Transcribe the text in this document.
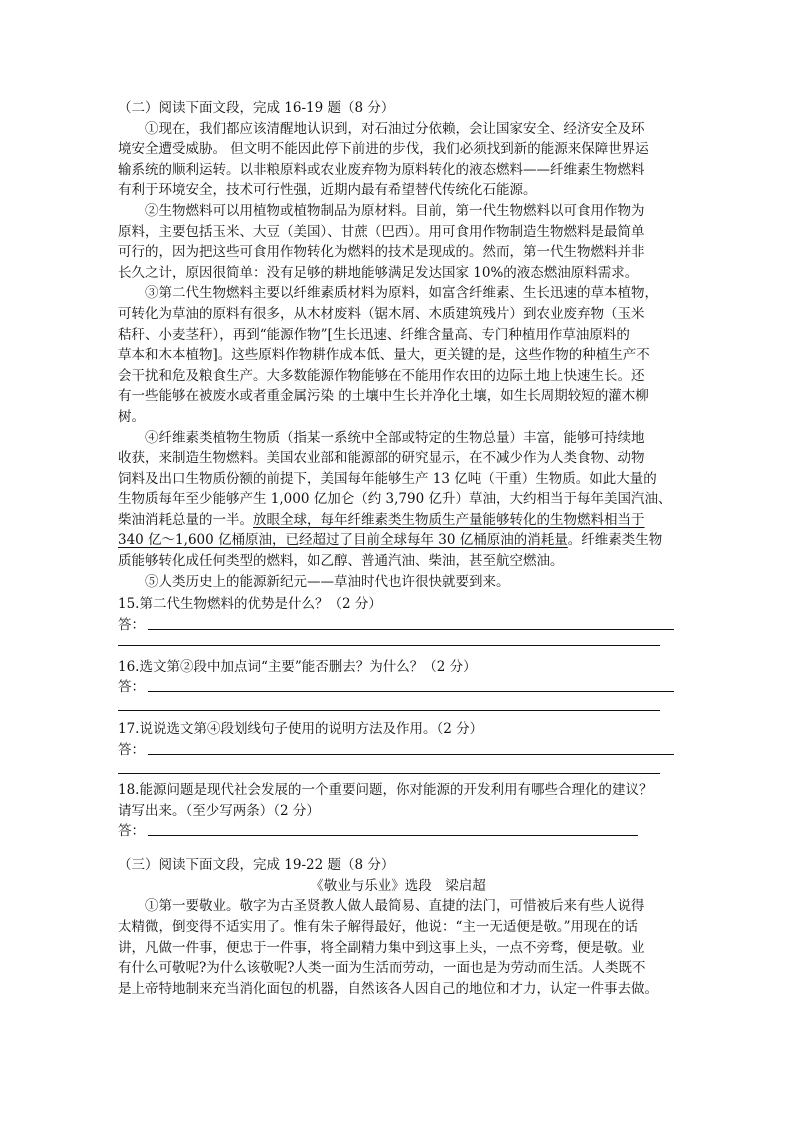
（二）阅读下面文段，完成 16-19 题（8 分）
①现在，我们都应该清醒地认识到，对石油过分依赖，会让国家安全、经济安全及环
境安全遭受威胁。 但文明不能因此停下前进的步伐，我们必须找到新的能源来保障世界运
输系统的顺利运转。以非粮原料或农业废弃物为原料转化的液态燃料——纤维素生物燃料
有利于环境安全，技术可行性强，近期内最有希望替代传统化石能源。
②生物燃料可以用植物或植物制品为原材料。目前，第一代生物燃料以可食用作物为
原料，主要包括玉米、大豆（美国）、甘蔗（巴西）。用可食用作物制造生物燃料是最简单
可行的，因为把这些可食用作物转化为燃料的技术是现成的。然而，第一代生物燃料并非
长久之计，原因很简单：没有足够的耕地能够满足发达国家 10%的液态燃油原料需求。
③第二代生物燃料主要以纤维素质材料为原料，如富含纤维素、生长迅速的草本植物，
可转化为草油的原料有很多，从木材废料（锯木屑、木质建筑残片）到农业废弃物（玉米
秸秆、小麦茎秆），再到“能源作物”[生长迅速、纤维含量高、专门种植用作草油原料的
草本和木本植物]。这些原料作物耕作成本低、量大，更关键的是，这些作物的种植生产不
会干扰和危及粮食生产。大多数能源作物能够在不能用作农田的边际土地上快速生长。还
有一些能够在被废水或者重金属污染 的土壤中生长并净化土壤，如生长周期较短的灌木柳
树。
④纤维素类植物生物质（指某一系统中全部或特定的生物总量）丰富，能够可持续地
收获，来制造生物燃料。美国农业部和能源部的研究显示，在不减少作为人类食物、动物
饲料及出口生物质份额的前提下，美国每年能够生产 13 亿吨（干重）生物质。如此大量的
生物质每年至少能够产生 1,000 亿加仑（约 3,790 亿升）草油，大约相当于每年美国汽油、
柴油消耗总量的一半。放眼全球，每年纤维素类生物质生产量能够转化的生物燃料相当于
340 亿～1,600 亿桶原油，已经超过了目前全球每年 30 亿桶原油的消耗量。纤维素类生物
质能够转化成任何类型的燃料，如乙醇、普通汽油、柴油，甚至航空燃油。
⑤人类历史上的能源新纪元——草油时代也许很快就要到来。
15.第二代生物燃料的优势是什么？（2 分）
答：
16.选文第②段中加点词“主要”能否删去？为什么？（2 分）
答：
17.说说选文第④段划线句子使用的说明方法及作用。（2 分）
答：
18.能源问题是现代社会发展的一个重要问题，你对能源的开发利用有哪些合理化的建议？
请写出来。（至少写两条）（2 分）
答：
（三）阅读下面文段，完成 19-22 题（8 分）
《敬业与乐业》选段　梁启超
①第一要敬业。敬字为古圣贤教人做人最简易、直捷的法门，可惜被后来有些人说得
太精微，倒变得不适实用了。惟有朱子解得最好，他说：“主一无适便是敬。”用现在的话
讲，凡做一件事，便忠于一件事，将全副精力集中到这事上头，一点不旁骛，便是敬。业
有什么可敬呢?为什么该敬呢?人类一面为生活而劳动，一面也是为劳动而生活。人类既不
是上帝特地制来充当消化面包的机器，自然该各人因自己的地位和才力，认定一件事去做。
